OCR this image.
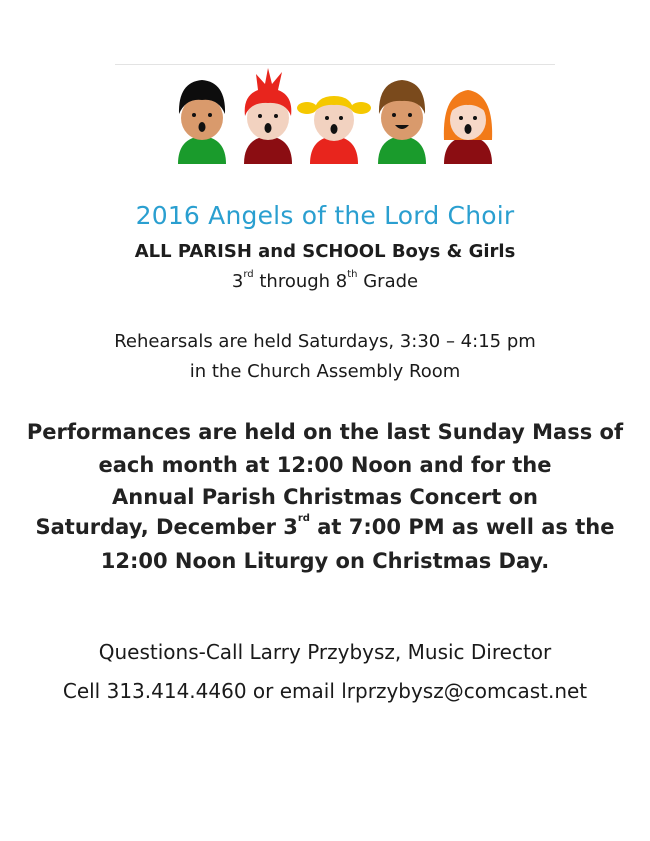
2016 Angels of the Lord Choir
ALL PARISH and SCHOOL Boys & Girls
3rd through 8th Grade
Rehearsals are held Saturdays, 3:30 – 4:15 pm
in the Church Assembly Room
Performances are held on the last Sunday Mass of
each month at 12:00 Noon and for the
Annual Parish Christmas Concert on
Saturday, December 3rd at 7:00 PM as well as the
12:00 Noon Liturgy on Christmas Day.
Questions-Call Larry Przybysz, Music Director
Cell 313.414.4460 or email lrprzybysz@comcast.net
